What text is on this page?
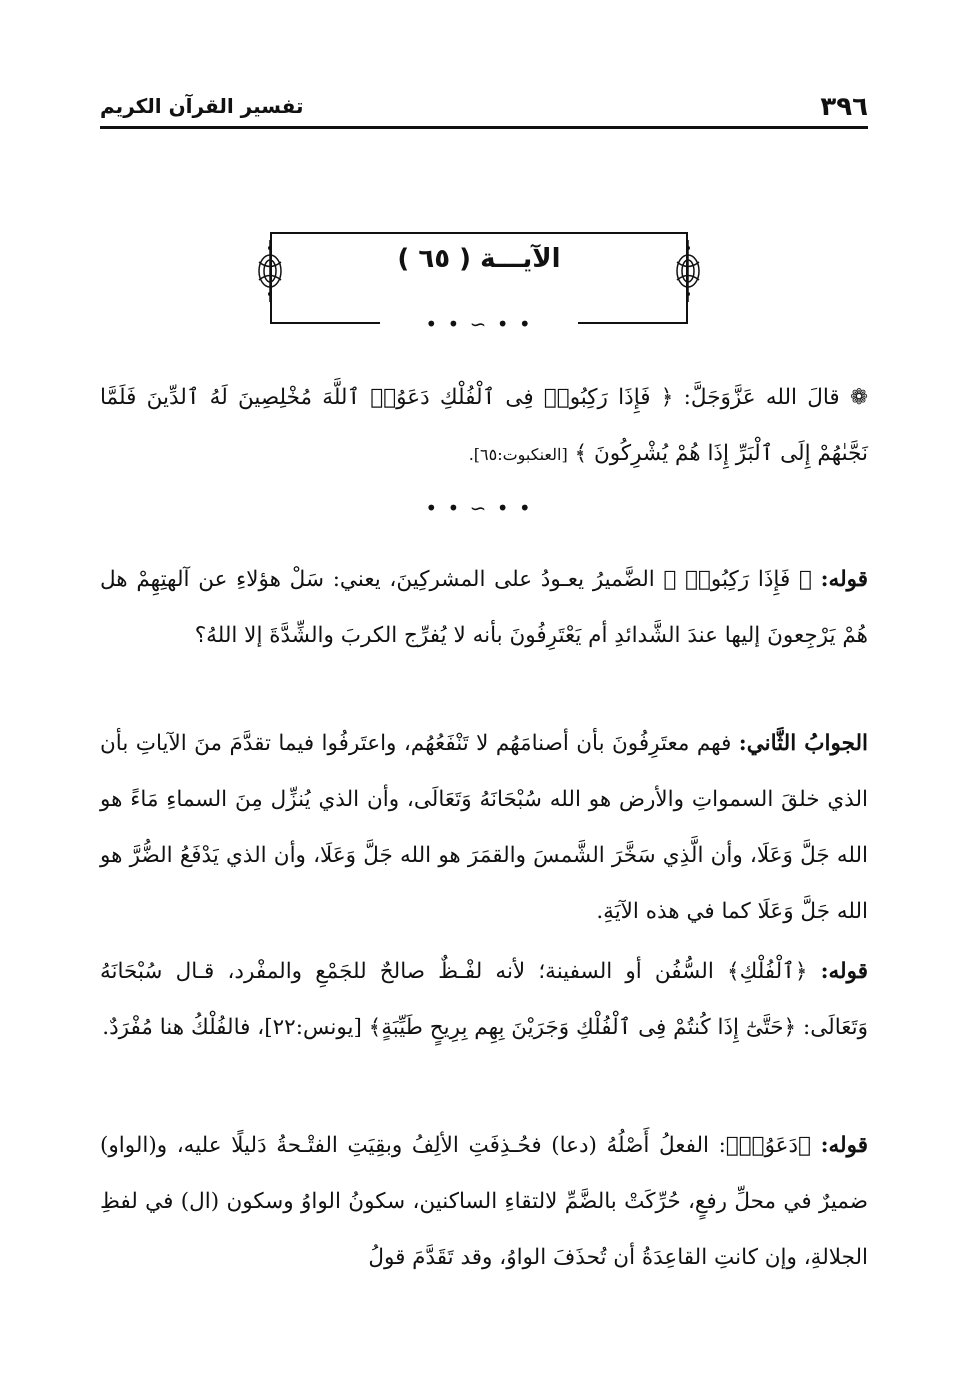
٣٩٦
تفسير القرآن الكريم
الآيـــة ( ٦٥ )
• • ∽ • •
❁ قالَ الله عَزَّوَجَلَّ: ﴿ فَإِذَا رَكِبُوا۟ فِى ٱلْفُلْكِ دَعَوُا۟ ٱللَّهَ مُخْلِصِينَ لَهُ ٱلدِّينَ فَلَمَّا نَجَّىٰهُمْ إِلَى ٱلْبَرِّ إِذَا هُمْ يُشْرِكُونَ ﴾ [العنكبوت:٦٥].
• • ∽ • •
قوله: ﴿ فَإِذَا رَكِبُوا۟ ﴾ الضَّميرُ يعـودُ على المشركِينَ، يعني: سَلْ هؤلاءِ عن آلهتِهِمْ هل هُمْ يَرْجِعونَ إليها عندَ الشَّدائدِ أم يَعْتَرِفُونَ بأنه لا يُفرِّج الكربَ والشِّدَّةَ إلا اللهُ؟
الجوابُ الثَّاني: فهم معتَرِفُونَ بأن أصنامَهُم لا تَنْفَعُهُم، واعتَرفُوا فيما تقدَّمَ منَ الآياتِ بأن الذي خلقَ السمواتِ والأرض هو الله سُبْحَانَهُ وَتَعَالَى، وأن الذي يُنزِّل مِنَ السماءِ مَاءً هو الله جَلَّ وَعَلَا، وأن الَّذِي سَخَّرَ الشَّمسَ والقمَرَ هو الله جَلَّ وَعَلَا، وأن الذي يَدْفَعُ الضُّرَّ هو الله جَلَّ وَعَلَا كما في هذه الآيَةِ.
قوله: ﴿ٱلْفُلْكِ﴾ السُّفُن أو السفينة؛ لأنه لفْـظٌ صالحٌ للجَمْعِ والمفْرد، قـال سُبْحَانَهُ وَتَعَالَى: ﴿حَتَّىٰٓ إِذَا كُنتُمْ فِى ٱلْفُلْكِ وَجَرَيْنَ بِهِم بِرِيحٍ طَيِّبَةٍ﴾ [يونس:٢٢]، فالفُلْكُ هنا مُفْرَدٌ.
قوله: ﴿دَعَوُا۟﴾: الفعلُ أَصْلُهُ (دعا) فحُـذِفَتِ الألِفُ وبقِيَتِ الفتْـحةُ دَليلًا عليه، و(الواو) ضميرٌ في محلِّ رفعٍ، حُرِّكَتْ بالضَّمِّ لالتقاءِ الساكنين، سكونُ الواوُ وسكون (ال) في لفظِ الجلالةِ، وإن كانتِ القاعِدَةُ أن تُحذَفَ الواوُ، وقد تَقَدَّمَ قولُ
